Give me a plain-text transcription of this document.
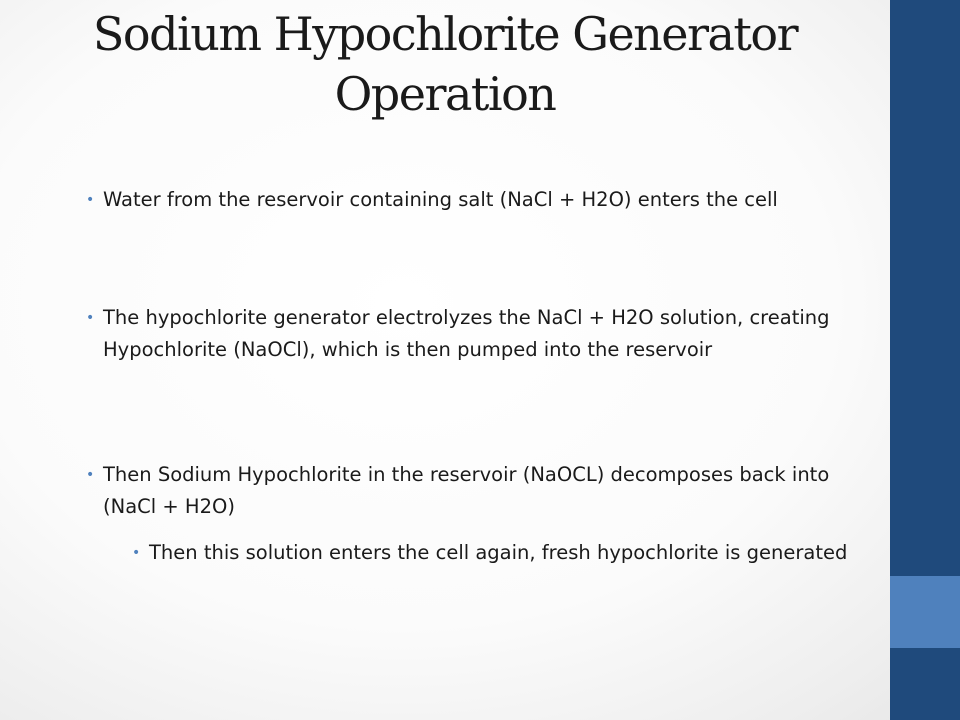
Sodium Hypochlorite Generator
Operation
• Water from the reservoir containing salt (NaCl + H2O) enters the cell
• The hypochlorite generator electrolyzes the NaCl + H2O solution, creating Hypochlorite (NaOCl), which is then pumped into the reservoir
• Then Sodium Hypochlorite in the reservoir (NaOCL) decomposes back into (NaCl + H2O)
• Then this solution enters the cell again, fresh hypochlorite is generated
